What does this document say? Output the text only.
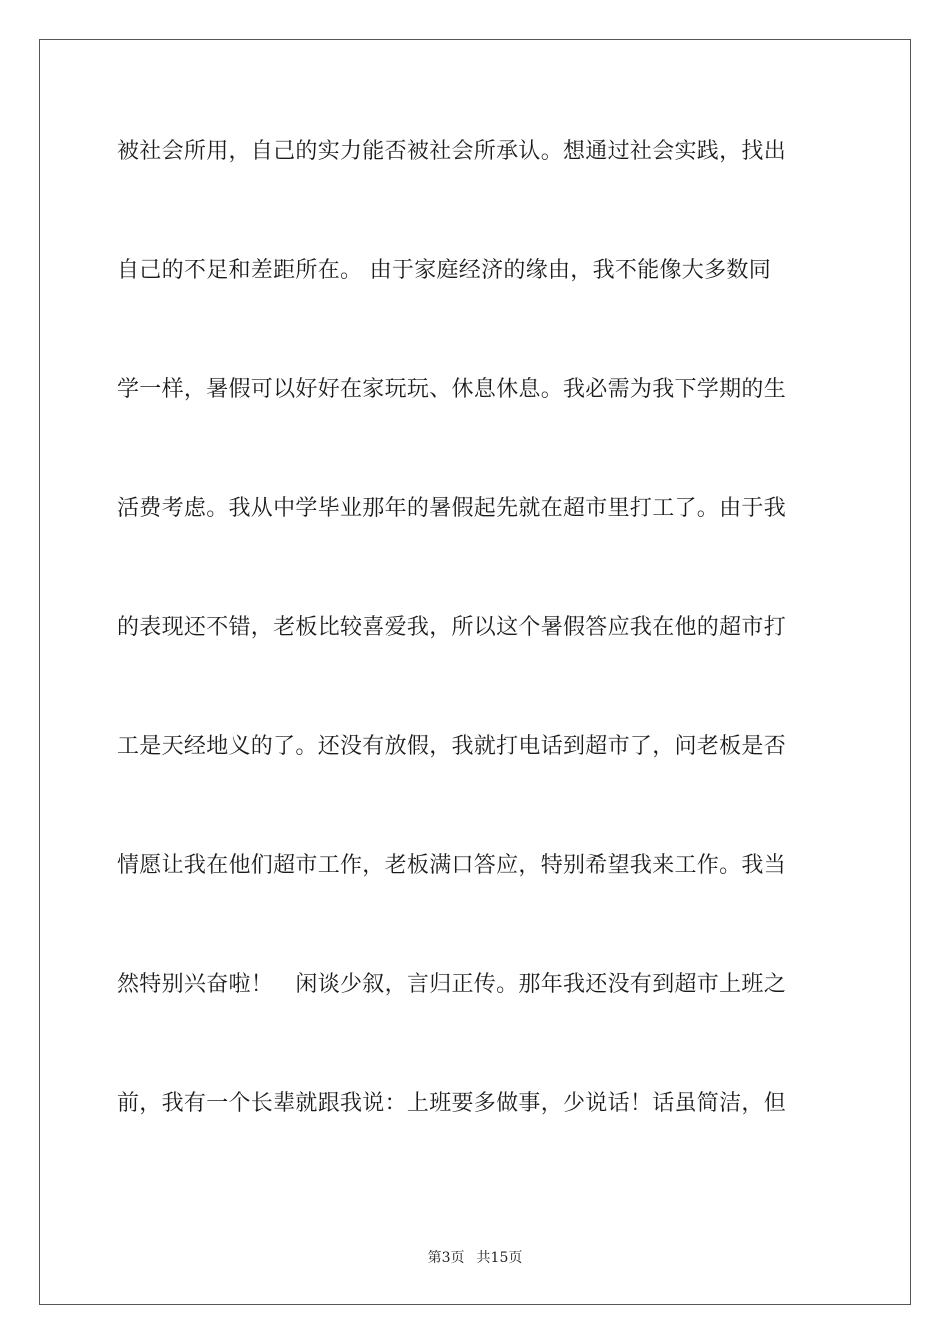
被社会所用，自己的实力能否被社会所承认。想通过社会实践，找出
自己的不足和差距所在。 由于家庭经济的缘由，我不能像大多数同
学一样，暑假可以好好在家玩玩、休息休息。我必需为我下学期的生
活费考虑。我从中学毕业那年的暑假起先就在超市里打工了。由于我
的表现还不错，老板比较喜爱我，所以这个暑假答应我在他的超市打
工是天经地义的了。还没有放假，我就打电话到超市了，问老板是否
情愿让我在他们超市工作，老板满口答应，特别希望我来工作。我当
然特别兴奋啦！　闲谈少叙，言归正传。那年我还没有到超市上班之
前，我有一个长辈就跟我说：上班要多做事，少说话！话虽简洁，但
第3页 共15页
